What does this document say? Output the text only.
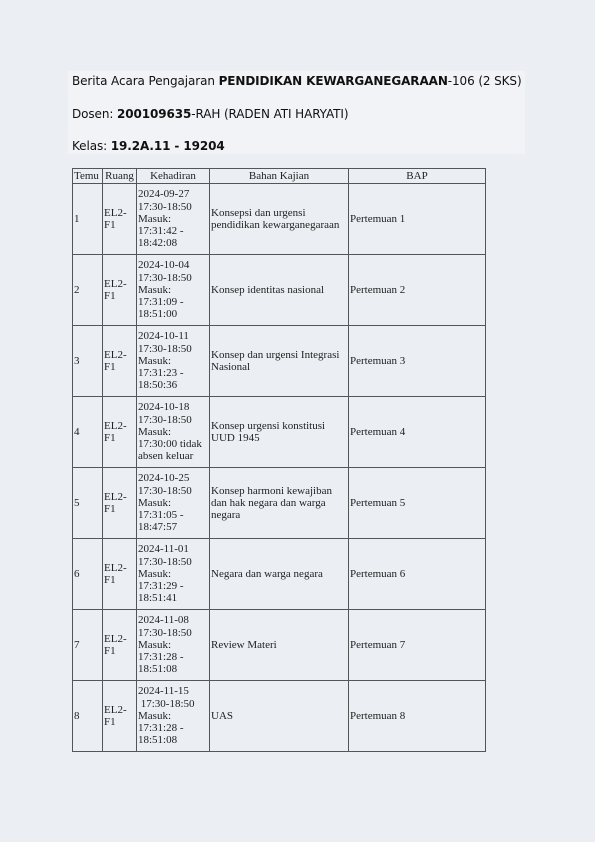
Berita Acara Pengajaran PENDIDIKAN KEWARGANEGARAAN-106 (2 SKS)
Dosen: 200109635-RAH (RADEN ATI HARYATI)
Kelas: 19.2A.11 - 19204
Temu	Ruang	Kehadiran	Bahan Kajian	BAP
1	EL2-F1	2024-09-27
17:30-18:50
Masuk:
17:31:42 -
18:42:08	Konsepsi dan urgensi pendidikan kewarganegaraan	Pertemuan 1
2	EL2-F1	2024-10-04
17:30-18:50
Masuk:
17:31:09 -
18:51:00	Konsep identitas nasional	Pertemuan 2
3	EL2-F1	2024-10-11
17:30-18:50
Masuk:
17:31:23 -
18:50:36	Konsep dan urgensi Integrasi Nasional	Pertemuan 3
4	EL2-F1	2024-10-18
17:30-18:50
Masuk:
17:30:00 tidak
absen keluar	Konsep urgensi konstitusi UUD 1945	Pertemuan 4
5	EL2-F1	2024-10-25
17:30-18:50
Masuk:
17:31:05 -
18:47:57	Konsep harmoni kewajiban dan hak negara dan warga negara	Pertemuan 5
6	EL2-F1	2024-11-01
17:30-18:50
Masuk:
17:31:29 -
18:51:41	Negara dan warga negara	Pertemuan 6
7	EL2-F1	2024-11-08
17:30-18:50
Masuk:
17:31:28 -
18:51:08	Review Materi	Pertemuan 7
8	EL2-F1	2024-11-15
17:30-18:50
Masuk:
17:31:28 -
18:51:08	UAS	Pertemuan 8
